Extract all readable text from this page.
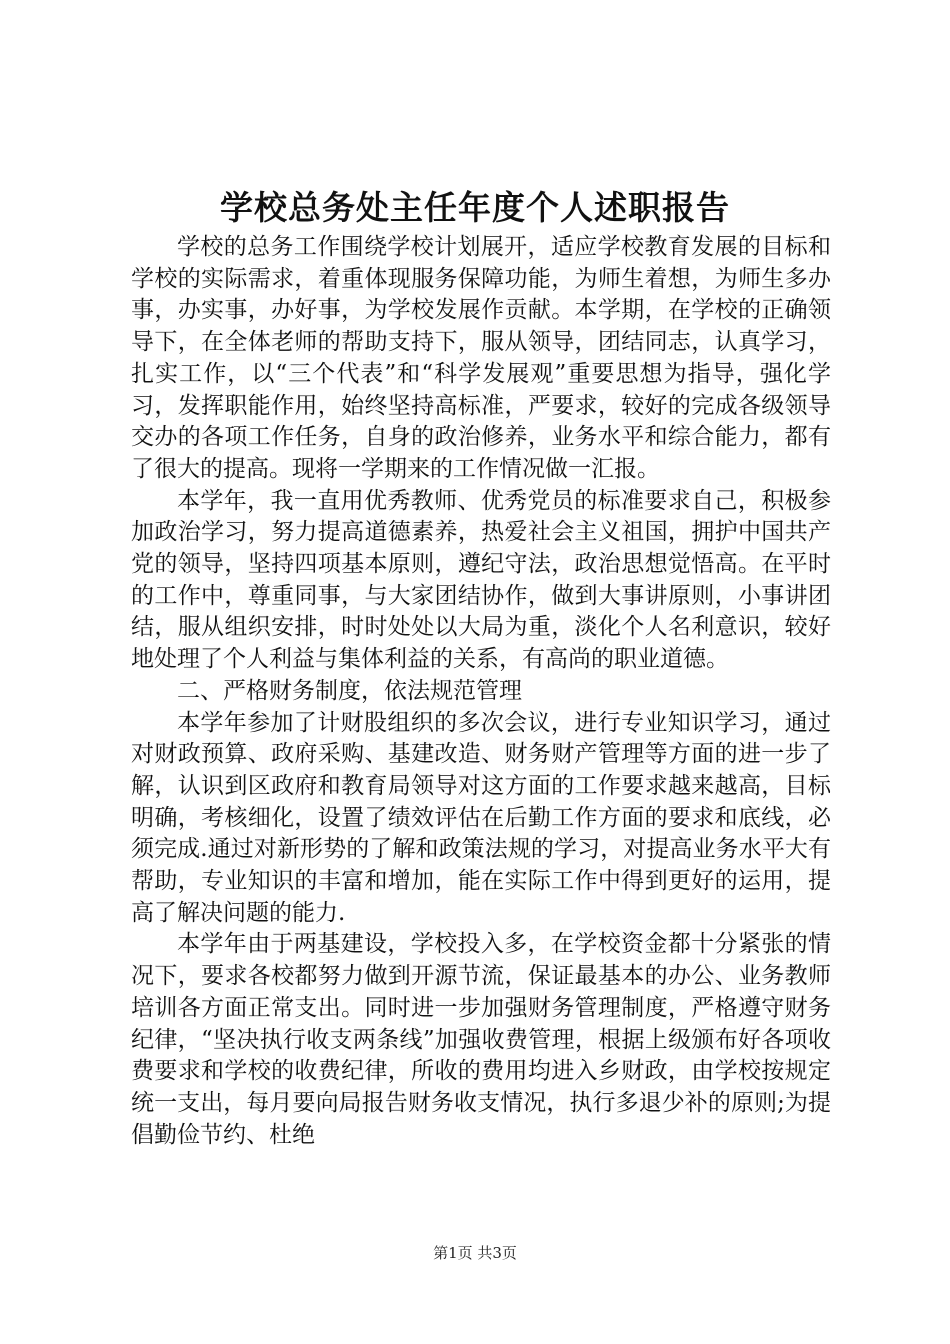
学校总务处主任年度个人述职报告

学校的总务工作围绕学校计划展开，适应学校教育发展的目标和学校的实际需求，着重体现服务保障功能，为师生着想，为师生多办事，办实事，办好事，为学校发展作贡献。本学期，在学校的正确领导下，在全体老师的帮助支持下，服从领导，团结同志，认真学习，扎实工作，以“三个代表”和“科学发展观”重要思想为指导，强化学习，发挥职能作用，始终坚持高标准，严要求，较好的完成各级领导交办的各项工作任务，自身的政治修养，业务水平和综合能力，都有了很大的提高。现将一学期来的工作情况做一汇报。

本学年，我一直用优秀教师、优秀党员的标准要求自己，积极参加政治学习，努力提高道德素养，热爱社会主义祖国，拥护中国共产党的领导，坚持四项基本原则，遵纪守法，政治思想觉悟高。在平时的工作中，尊重同事，与大家团结协作，做到大事讲原则，小事讲团结，服从组织安排，时时处处以大局为重，淡化个人名利意识，较好地处理了个人利益与集体利益的关系，有高尚的职业道德。

二、严格财务制度，依法规范管理

本学年参加了计财股组织的多次会议，进行专业知识学习，通过对财政预算、政府采购、基建改造、财务财产管理等方面的进一步了解，认识到区政府和教育局领导对这方面的工作要求越来越高，目标明确，考核细化，设置了绩效评估在后勤工作方面的要求和底线，必须完成.通过对新形势的了解和政策法规的学习，对提高业务水平大有帮助，专业知识的丰富和增加，能在实际工作中得到更好的运用，提高了解决问题的能力.

本学年由于两基建设，学校投入多，在学校资金都十分紧张的情况下，要求各校都努力做到开源节流，保证最基本的办公、业务教师培训各方面正常支出。同时进一步加强财务管理制度，严格遵守财务纪律，“坚决执行收支两条线”加强收费管理，根据上级颁布好各项收费要求和学校的收费纪律，所收的费用均进入乡财政，由学校按规定统一支出，每月要向局报告财务收支情况，执行多退少补的原则;为提倡勤俭节约、杜绝

第1页 共3页
